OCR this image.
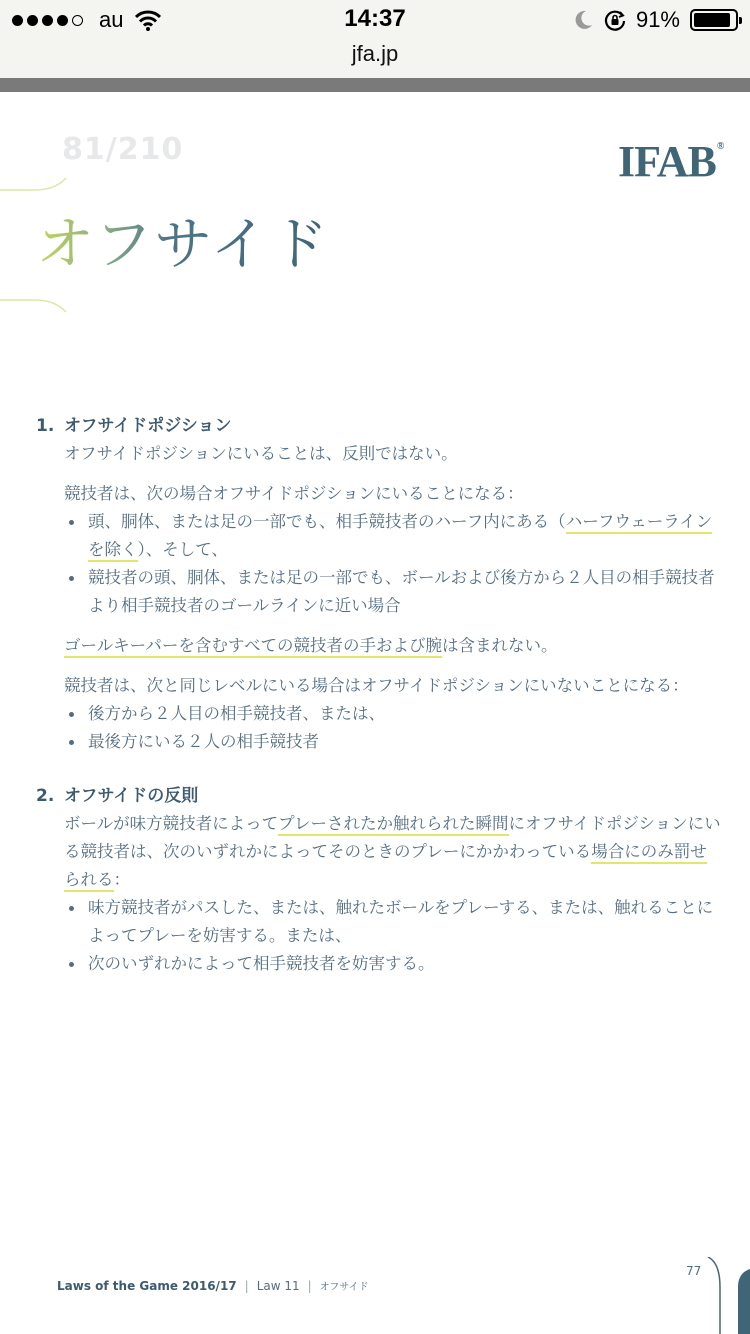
au	14:37	91%
jfa.jp
81/210	IFAB®
オフサイド
1. オフサイドポジション
オフサイドポジションにいることは、反則ではない。
競技者は、次の場合オフサイドポジションにいることになる：
頭、胴体、または足の一部でも、相手競技者のハーフ内にある（ハーフウェーライン
を除く）、そして、
競技者の頭、胴体、または足の一部でも、ボールおよび後方から２人目の相手競技者
より相手競技者のゴールラインに近い場合
ゴールキーパーを含むすべての競技者の手および腕は含まれない。
競技者は、次と同じレベルにいる場合はオフサイドポジションにいないことになる：
後方から２人目の相手競技者、または、
最後方にいる２人の相手競技者
2. オフサイドの反則
ボールが味方競技者によってプレーされたか触れられた瞬間にオフサイドポジションにい
る競技者は、次のいずれかによってそのときのプレーにかかわっている場合にのみ罰せ
られる：
味方競技者がパスした、または、触れたボールをプレーする、または、触れることに
よってプレーを妨害する。または、
次のいずれかによって相手競技者を妨害する。
Laws of the Game 2016/17 | Law 11 | オフサイド
77
